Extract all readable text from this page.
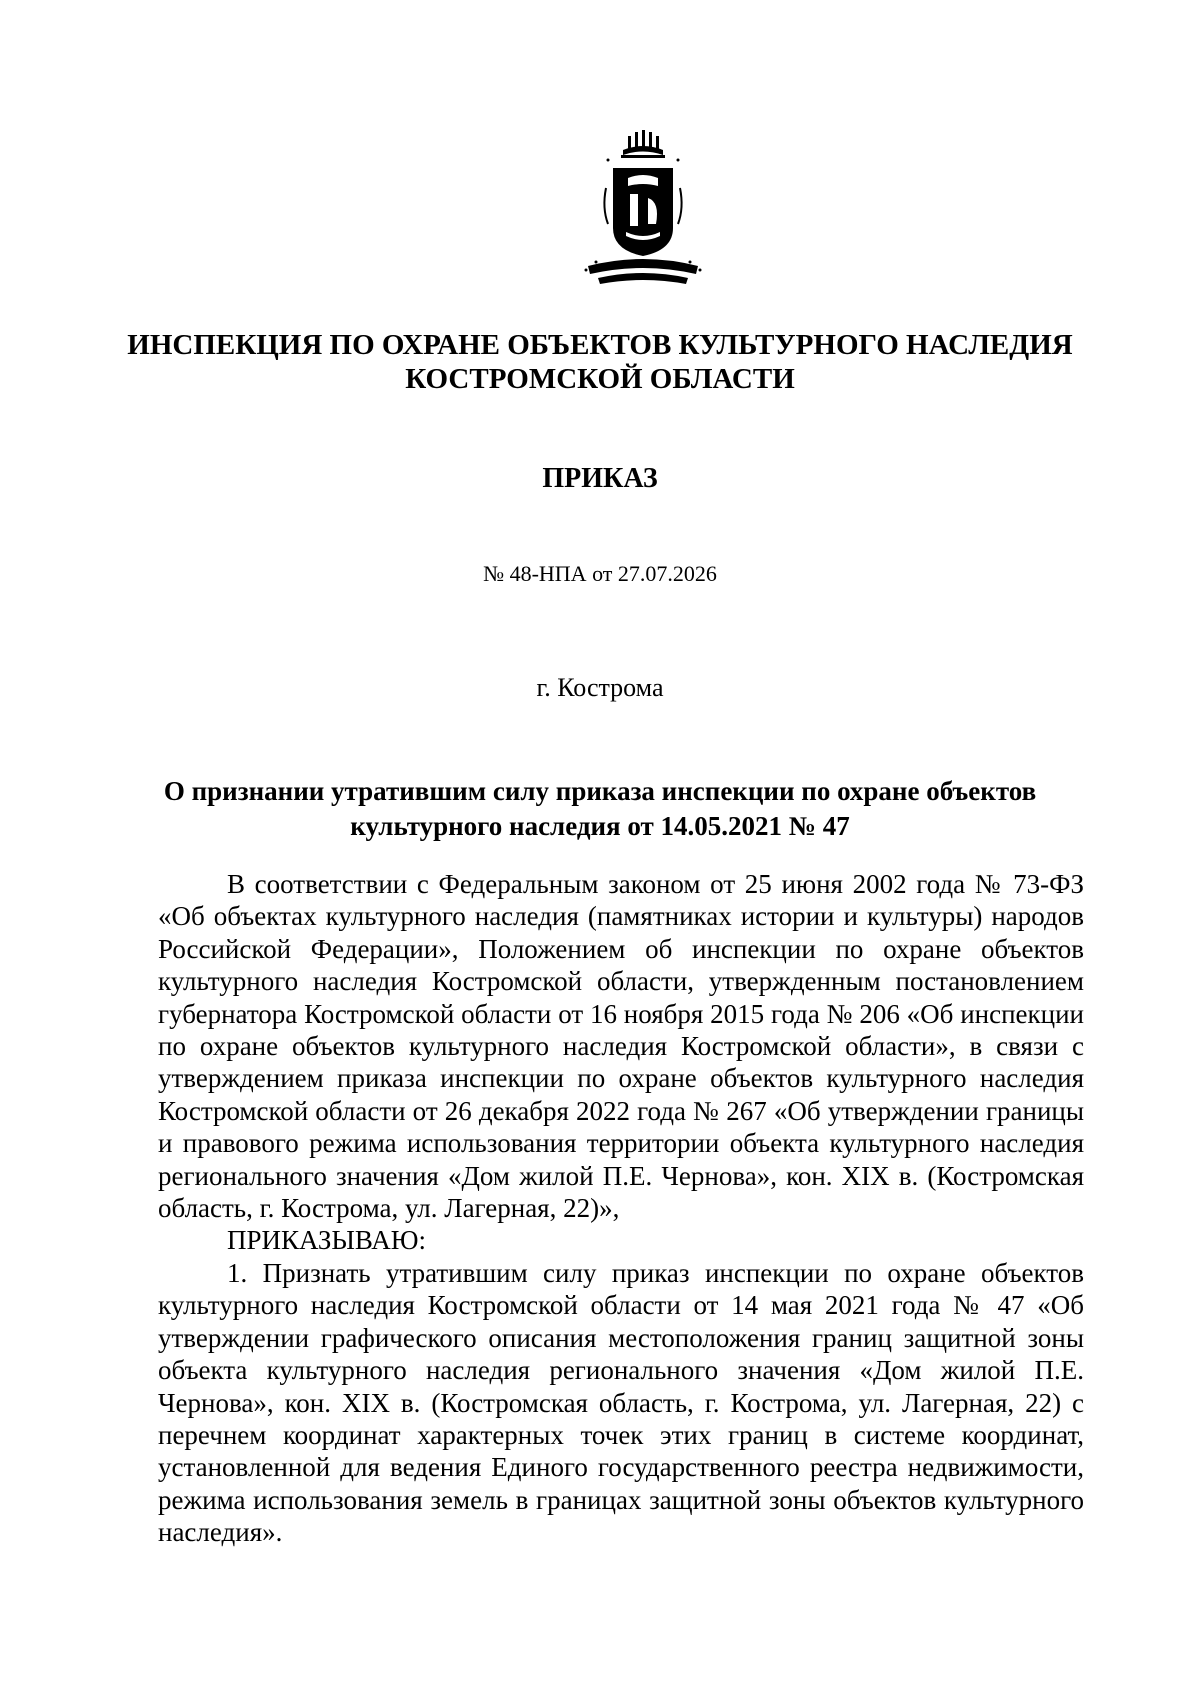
ИНСПЕКЦИЯ ПО ОХРАНЕ ОБЪЕКТОВ КУЛЬТУРНОГО НАСЛЕДИЯ
КОСТРОМСКОЙ ОБЛАСТИ
ПРИКАЗ
№ 48-НПА от 27.07.2026
г. Кострома
О признании утратившим силу приказа инспекции по охране объектов
культурного наследия от 14.05.2021 № 47

В соответствии с Федеральным законом от 25 июня 2002 года № 73-ФЗ «Об объектах культурного наследия (памятниках истории и культуры) народов Российской Федерации», Положением об инспекции по охране объектов культурного наследия Костромской области, утвержденным постановлением губернатора Костромской области от 16 ноября 2015 года № 206 «Об инспекции по охране объектов культурного наследия Костромской области», в связи с утверждением приказа инспекции по охране объектов культурного наследия Костромской области от 26 декабря 2022 года № 267 «Об утверждении границы и правового режима использования территории объекта культурного наследия регионального значения «Дом жилой П.Е. Чернова», кон. XIX в. (Костромская область, г. Кострома, ул. Лагерная, 22)»,

ПРИКАЗЫВАЮ:

1. Признать утратившим силу приказ инспекции по охране объектов культурного наследия Костромской области от 14 мая 2021 года № 47 «Об утверждении графического описания местоположения границ защитной зоны объекта культурного наследия регионального значения «Дом жилой П.Е. Чернова», кон. XIX в. (Костромская область, г. Кострома, ул. Лагерная, 22) с перечнем координат характерных точек этих границ в системе координат, установленной для ведения Единого государственного реестра недвижимости, режима использования земель в границах защитной зоны объектов культурного наследия».
